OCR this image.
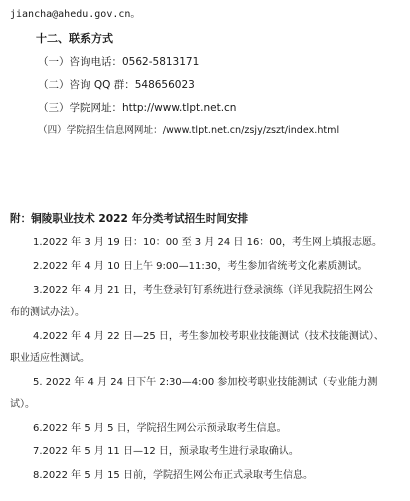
jiancha@ahedu.gov.cn。
十二、联系方式
（一）咨询电话：0562-5813171
（二）咨询 QQ 群：548656023
（三）学院网址：http://www.tlpt.net.cn
（四）学院招生信息网网址：/www.tlpt.net.cn/zsjy/zszt/index.html
附：铜陵职业技术 2022 年分类考试招生时间安排
1.2022 年 3 月 19 日：10：00 至 3 月 24 日 16：00，考生网上填报志愿。
2.2022 年 4 月 10 日上午 9:00—11:30，考生参加省统考文化素质测试。
3.2022 年 4 月 21 日，考生登录钉钉系统进行登录演练（详见我院招生网公
布的测试办法）。
4.2022 年 4 月 22 日—25 日，考生参加校考职业技能测试（技术技能测试）、
职业适应性测试。
5. 2022 年 4 月 24 日下午 2:30—4:00 参加校考职业技能测试（专业能力测
试）。
6.2022 年 5 月 5 日，学院招生网公示预录取考生信息。
7.2022 年 5 月 11 日—12 日，预录取考生进行录取确认。
8.2022 年 5 月 15 日前，学院招生网公布正式录取考生信息。
